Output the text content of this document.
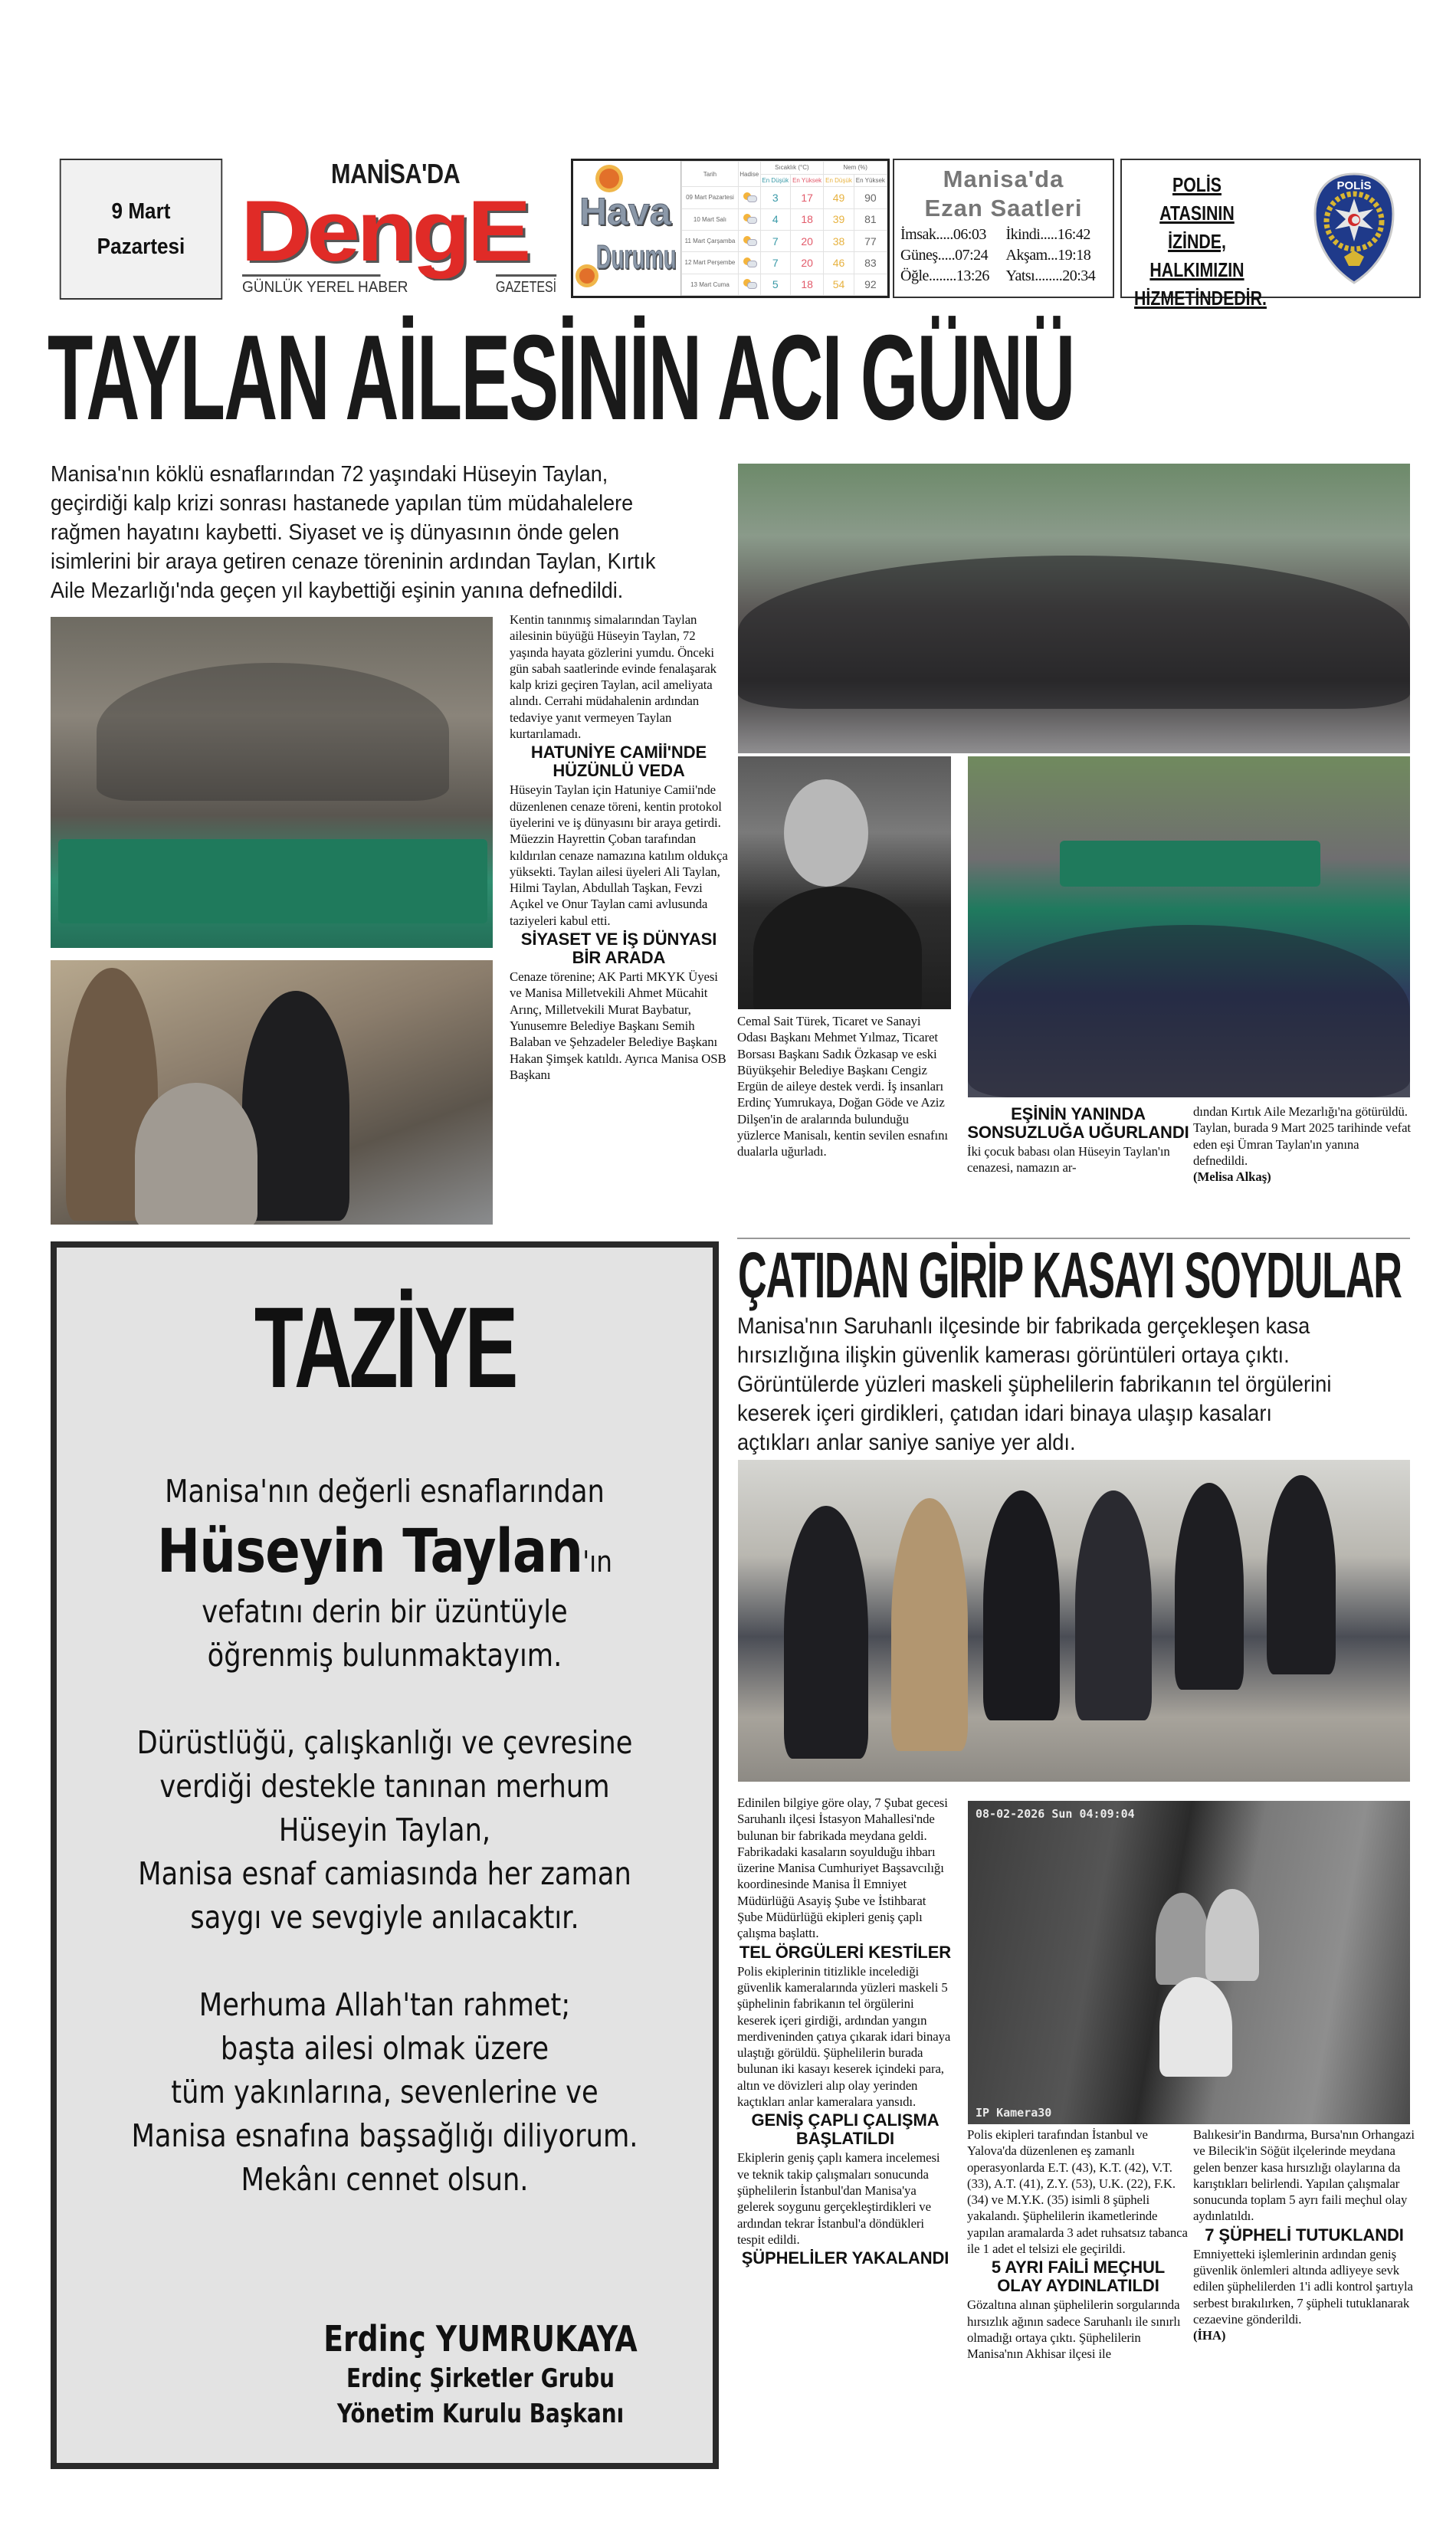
9 Mart
Pazartesi
MANİSA'DA
DengE
GÜNLÜK YEREL HABER	GAZETESİ
Hava
Durumu
Tarih	Hadise	Sıcaklık (°C)		Nem (%)	
		En Düşük	En Yüksek	En Düşük	En Yüksek
09 Mart Pazartesi		3	17	49	90
10 Mart Salı		4	18	39	81
11 Mart Çarşamba		7	20	38	77
12 Mart Perşembe		7	20	46	83
13 Mart Cuma		5	18	54	92
Manisa'da
Ezan Saatleri
İmsak.....06:03	İkindi.....16:42
Güneş.....07:24	Akşam...19:18
Öğle........13:26	Yatsı........20:34
POLİS ATASININ
İZİNDE,
HALKIMIZIN
HİZMETİNDEDİR.
POLİS
TAYLAN AİLESİNİN ACI GÜNÜ
Manisa'nın köklü esnaflarından 72 yaşındaki Hüseyin Taylan, geçirdiği kalp krizi sonrası hastanede yapılan tüm müdahalelere rağmen hayatını kaybetti. Siyaset ve iş dünyasının önde gelen isimlerini bir araya getiren cenaze töreninin ardından Taylan, Kırtık Aile Mezarlığı'nda geçen yıl kaybettiği eşinin yanına defnedildi.

Kentin tanınmış simalarından Taylan ailesinin büyüğü Hüseyin Taylan, 72 yaşında hayata gözlerini yumdu. Önceki gün sabah saatlerinde evinde fenalaşarak kalp krizi geçiren Taylan, acil ameliyata alındı. Cerrahi müdahalenin ardından tedaviye yanıt vermeyen Taylan kurtarılamadı.

HATUNİYE CAMİİ'NDE HÜZÜNLÜ VEDA

Hüseyin Taylan için Hatuniye Camii'nde düzenlenen cenaze töreni, kentin protokol üyelerini ve iş dünyasını bir araya getirdi. Müezzin Hayrettin Çoban tarafından kıldırılan cenaze namazına katılım oldukça yüksekti. Taylan ailesi üyeleri Ali Taylan, Hilmi Taylan, Abdullah Taşkan, Fevzi Açıkel ve Onur Taylan cami avlusunda taziyeleri kabul etti.

SİYASET VE İŞ DÜNYASI BİR ARADA

Cenaze törenine; AK Parti MKYK Üyesi ve Manisa Milletvekili Ahmet Mücahit Arınç, Milletvekili Murat Baybatur, Yunusemre Belediye Başkanı Semih Balaban ve Şehzadeler Belediye Başkanı Hakan Şimşek katıldı. Ayrıca Manisa OSB Başkanı

Cemal Sait Türek, Ticaret ve Sanayi Odası Başkanı Mehmet Yılmaz, Ticaret Borsası Başkanı Sadık Özkasap ve eski Büyükşehir Belediye Başkanı Cengiz Ergün de aileye destek verdi. İş insanları Erdinç Yumrukaya, Doğan Göde ve Aziz Dilşen'in de aralarında bulunduğu yüzlerce Manisalı, kentin sevilen esnafını dualarla uğurladı.

EŞİNİN YANINDA SONSUZLUĞA UĞURLANDI

İki çocuk babası olan Hüseyin Taylan'ın cenazesi, namazın ar-

dından Kırtık Aile Mezarlığı'na götürüldü. Taylan, burada 9 Mart 2025 tarihinde vefat eden eşi Ümran Taylan'ın yanına defnedildi.

(Melisa Alkaş)

TAZİYE
Manisa'nın değerli esnaflarından
Hüseyin Taylan'ın
vefatını derin bir üzüntüyle
öğrenmiş bulunmaktayım.
Dürüstlüğü, çalışkanlığı ve çevresine
verdiği destekle tanınan merhum
Hüseyin Taylan,
Manisa esnaf camiasında her zaman
saygı ve sevgiyle anılacaktır.
Merhuma Allah'tan rahmet;
başta ailesi olmak üzere
tüm yakınlarına, sevenlerine ve
Manisa esnafına başsağlığı diliyorum.
Mekânı cennet olsun.
Erdinç YUMRUKAYA
Erdinç Şirketler Grubu
Yönetim Kurulu Başkanı
ÇATIDAN GİRİP KASAYI SOYDULAR
Manisa'nın Saruhanlı ilçesinde bir fabrikada gerçekleşen kasa hırsızlığına ilişkin güvenlik kamerası görüntüleri ortaya çıktı. Görüntülerde yüzleri maskeli şüphelilerin fabrikanın tel örgülerini keserek içeri girdikleri, çatıdan idari binaya ulaşıp kasaları açtıkları anlar saniye saniye yer aldı.
08-02-2026 Sun 04:09:04
IP Kamera30

Edinilen bilgiye göre olay, 7 Şubat gecesi Saruhanlı ilçesi İstasyon Mahallesi'nde bulunan bir fabrikada meydana geldi. Fabrikadaki kasaların soyulduğu ihbarı üzerine Manisa Cumhuriyet Başsavcılığı koordinesinde Manisa İl Emniyet Müdürlüğü Asayiş Şube ve İstihbarat Şube Müdürlüğü ekipleri geniş çaplı çalışma başlattı.

TEL ÖRGÜLERİ KESTİLER

Polis ekiplerinin titizlikle incelediği güvenlik kameralarında yüzleri maskeli 5 şüphelinin fabrikanın tel örgülerini keserek içeri girdiği, ardından yangın merdiveninden çatıya çıkarak idari binaya ulaştığı görüldü. Şüphelilerin burada bulunan iki kasayı keserek içindeki para, altın ve dövizleri alıp olay yerinden kaçtıkları anlar kameralara yansıdı.

GENİŞ ÇAPLI ÇALIŞMA BAŞLATILDI

Ekiplerin geniş çaplı kamera incelemesi ve teknik takip çalışmaları sonucunda şüphelilerin İstanbul'dan Manisa'ya gelerek soygunu gerçekleştirdikleri ve ardından tekrar İstanbul'a döndükleri tespit edildi.

ŞÜPHELİLER YAKALANDI

Polis ekipleri tarafından İstanbul ve Yalova'da düzenlenen eş zamanlı operasyonlarda E.T. (43), K.T. (42), V.T. (33), A.T. (41), Z.Y. (53), U.K. (22), F.K. (34) ve M.Y.K. (35) isimli 8 şüpheli yakalandı. Şüphelilerin ikametlerinde yapılan aramalarda 3 adet ruhsatsız tabanca ile 1 adet el telsizi ele geçirildi.

5 AYRI FAİLİ MEÇHUL OLAY AYDINLATILDI

Gözaltına alınan şüphelilerin sorgularında hırsızlık ağının sadece Saruhanlı ile sınırlı olmadığı ortaya çıktı. Şüphelilerin Manisa'nın Akhisar ilçesi ile

Balıkesir'in Bandırma, Bursa'nın Orhangazi ve Bilecik'in Söğüt ilçelerinde meydana gelen benzer kasa hırsızlığı olaylarına da karıştıkları belirlendi. Yapılan çalışmalar sonucunda toplam 5 ayrı faili meçhul olay aydınlatıldı.

7 ŞÜPHELİ TUTUKLANDI

Emniyetteki işlemlerinin ardından geniş güvenlik önlemleri altında adliyeye sevk edilen şüphelilerden 1'i adli kontrol şartıyla serbest bırakılırken, 7 şüpheli tutuklanarak cezaevine gönderildi.

(İHA)
